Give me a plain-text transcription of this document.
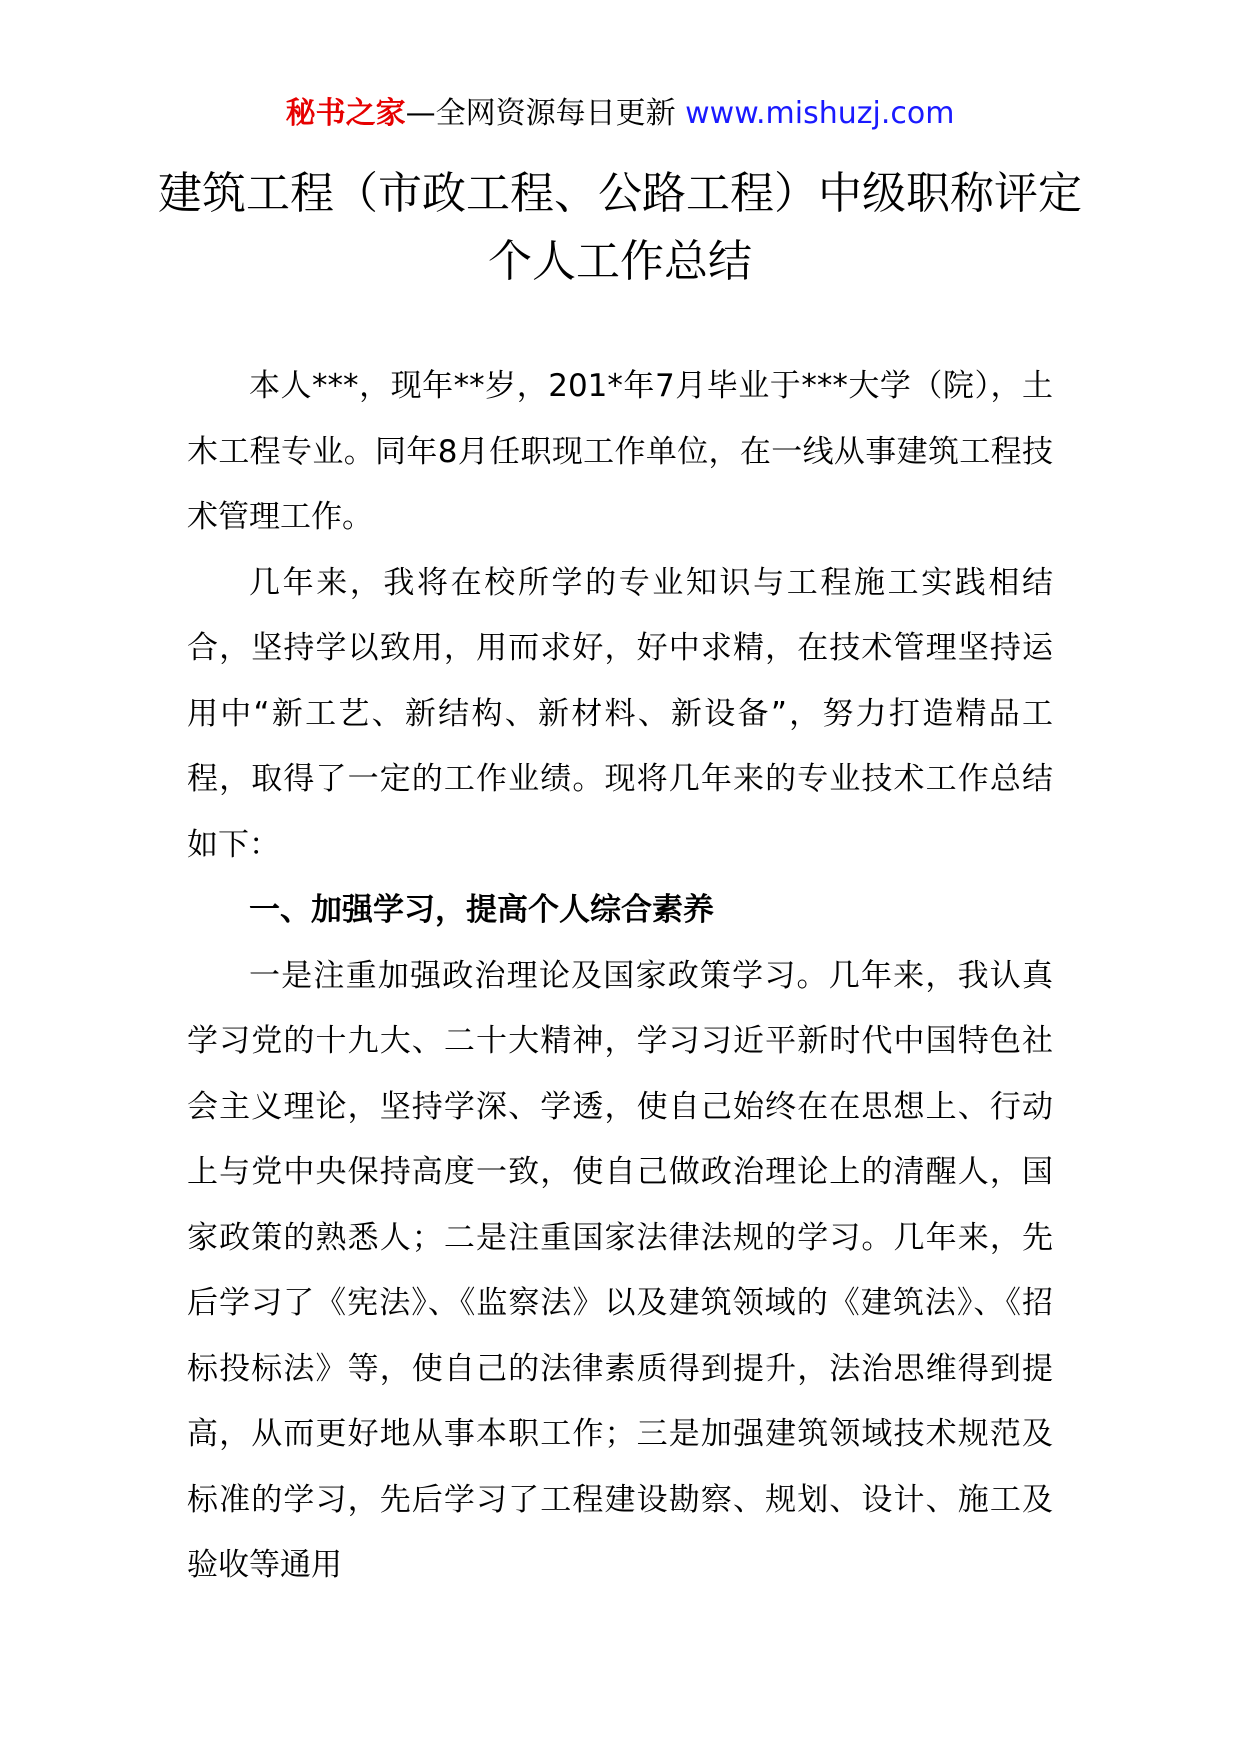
秘书之家—全网资源每日更新 www.mishuzj.com
建筑工程（市政工程、公路工程）中级职称评定个人工作总结

本人***，现年**岁，201*年7月毕业于***大学（院），土木工程专业。同年8月任职现工作单位，在一线从事建筑工程技术管理工作。

几年来，我将在校所学的专业知识与工程施工实践相结合，坚持学以致用，用而求好，好中求精，在技术管理坚持运用中“新工艺、新结构、新材料、新设备”，努力打造精品工程，取得了一定的工作业绩。现将几年来的专业技术工作总结如下：

一、加强学习，提高个人综合素养

一是注重加强政治理论及国家政策学习。几年来，我认真学习党的十九大、二十大精神，学习习近平新时代中国特色社会主义理论，坚持学深、学透，使自己始终在在思想上、行动上与党中央保持高度一致，使自己做政治理论上的清醒人，国家政策的熟悉人；二是注重国家法律法规的学习。几年来，先后学习了《宪法》、《监察法》以及建筑领域的《建筑法》、《招标投标法》等，使自己的法律素质得到提升，法治思维得到提高，从而更好地从事本职工作；三是加强建筑领域技术规范及标准的学习，先后学习了工程建设勘察、规划、设计、施工及验收等通用
